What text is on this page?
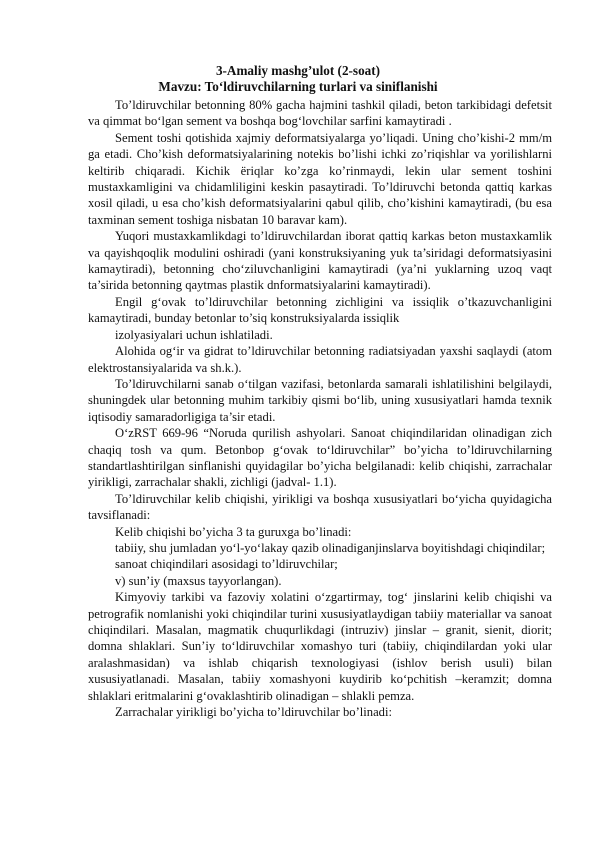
3-Amaliy mashg’ulot (2-soat)
Mavzu: To‘ldiruvchilarning turlari va siniflanishi

To’ldiruvchilar betonning 80% gacha hajmini tashkil qiladi, beton tarkibidagi defetsit va qimmat bo‘lgan sement va boshqa bog‘lovchilar sarfini kamaytiradi .

Sement toshi qotishida xajmiy deformatsiyalarga yo’liqadi. Uning cho’kishi-2 mm/m ga etadi. Cho’kish deformatsiyalarining notekis bo’lishi ichki zo’riqishlar va yorilishlarni keltirib chiqaradi. Kichik ёriqlar ko’zga ko’rinmaydi, lekin ular sement toshini mustaxkamligini va chidamliligini keskin pasaytiradi. To’ldiruvchi betonda qattiq karkas xosil qiladi, u esa cho’kish deformatsiyalarini qabul qilib, cho’kishini kamaytiradi, (bu esa taxminan sement toshiga nisbatan 10 baravar kam).

Yuqori mustaxkamlikdagi to’ldiruvchilardan iborat qattiq karkas beton mustaxkamlik va qayishqoqlik modulini oshiradi (yani konstruksiyaning yuk ta’siridagi deformatsiyasini kamaytiradi), betonning cho‘ziluvchanligini kamaytiradi (ya’ni yuklarning uzoq vaqt ta’sirida betonning qaytmas plastik dnformatsiyalarini kamaytiradi).

Engil g‘ovak to’ldiruvchilar betonning zichligini va issiqlik o’tkazuvchanligini kamaytiradi, bunday betonlar to’siq konstruksiyalarda issiqlik

izolyasiyalari uchun ishlatiladi.

Alohida og‘ir va gidrat to’ldiruvchilar betonning radiatsiyadan yaxshi saqlaydi (atom elektrostansiyalarida va sh.k.).

To’ldiruvchilarni sanab o‘tilgan vazifasi, betonlarda samarali ishlatilishini belgilaydi, shuningdek ular betonning muhim tarkibiy qismi bo‘lib, uning xususiyatlari hamda texnik iqtisodiy samaradorligiga ta’sir etadi.

O‘zRST 669-96 “Noruda qurilish ashyolari. Sanoat chiqindilaridan olinadigan zich chaqiq tosh va qum. Betonbop g‘ovak to‘ldiruvchilar” bo’yicha to’ldiruvchilarning standartlashtirilgan sinflanishi quyidagilar bo’yicha belgilanadi: kelib chiqishi, zarrachalar yirikligi, zarrachalar shakli, zichligi (jadval- 1.1).

To’ldiruvchilar kelib chiqishi, yirikligi va boshqa xususiyatlari bo‘yicha quyidagicha tavsiflanadi:

Kelib chiqishi bo’yicha 3 ta guruxga bo’linadi:

tabiiy, shu jumladan yo‘l-yo‘lakay qazib olinadiganjinslarva boyitishdagi chiqindilar;

sanoat chiqindilari asosidagi to’ldiruvchilar;

v) sun’iy (maxsus tayyorlangan).

Kimyoviy tarkibi va fazoviy xolatini o‘zgartirmay, tog‘ jinslarini kelib chiqishi va petrografik nomlanishi yoki chiqindilar turini xususiyatlaydigan tabiiy materiallar va sanoat chiqindilari. Masalan, magmatik chuqurlikdagi (intruziv) jinslar – granit, sienit, diorit; domna shlaklari. Sun’iy to‘ldiruvchilar xomashyo turi (tabiiy, chiqindilardan yoki ular aralashmasidan) va ishlab chiqarish texnologiyasi (ishlov berish usuli) bilan xususiyatlanadi. Masalan, tabiiy xomashyoni kuydirib ko‘pchitish –keramzit; domna shlaklari eritmalarini g‘ovaklashtirib olinadigan – shlakli pemza.

Zarrachalar yirikligi bo’yicha to’ldiruvchilar bo’linadi:
